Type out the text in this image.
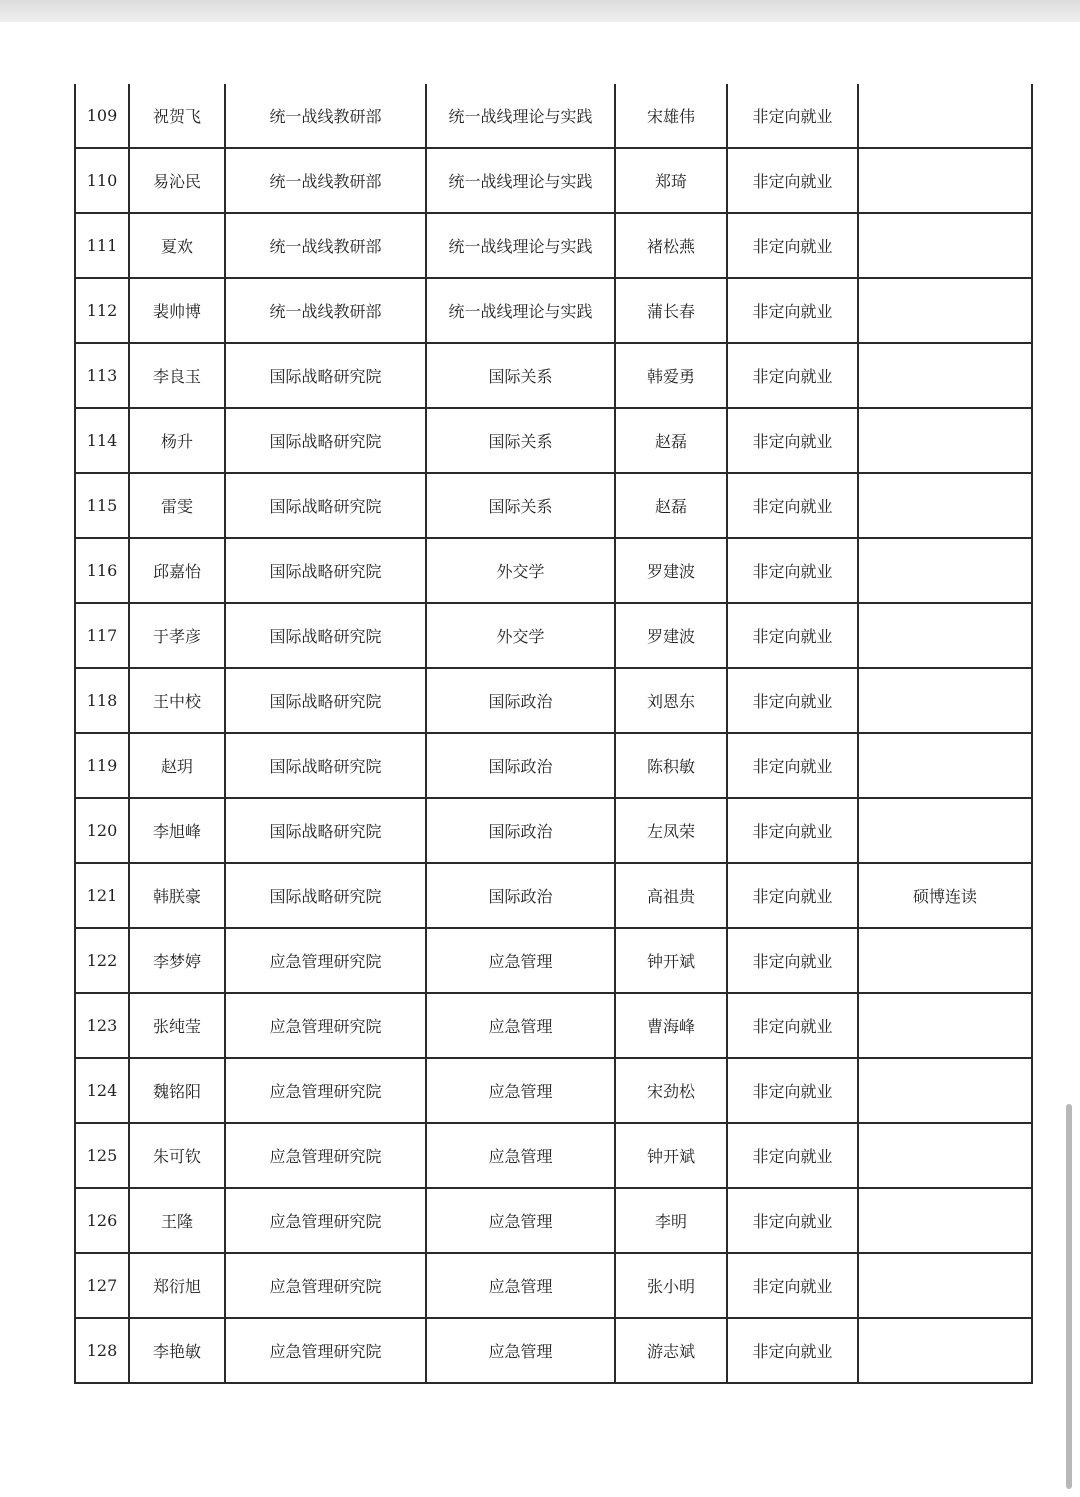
109	祝贺飞	统一战线教研部	统一战线理论与实践	宋雄伟	非定向就业	
110	易沁民	统一战线教研部	统一战线理论与实践	郑琦	非定向就业	
111	夏欢	统一战线教研部	统一战线理论与实践	褚松燕	非定向就业	
112	裴帅博	统一战线教研部	统一战线理论与实践	蒲长春	非定向就业	
113	李良玉	国际战略研究院	国际关系	韩爱勇	非定向就业	
114	杨升	国际战略研究院	国际关系	赵磊	非定向就业	
115	雷雯	国际战略研究院	国际关系	赵磊	非定向就业	
116	邱嘉怡	国际战略研究院	外交学	罗建波	非定向就业	
117	于孝彦	国际战略研究院	外交学	罗建波	非定向就业	
118	王中校	国际战略研究院	国际政治	刘恩东	非定向就业	
119	赵玥	国际战略研究院	国际政治	陈积敏	非定向就业	
120	李旭峰	国际战略研究院	国际政治	左凤荣	非定向就业	
121	韩朕豪	国际战略研究院	国际政治	高祖贵	非定向就业	硕博连读
122	李梦婷	应急管理研究院	应急管理	钟开斌	非定向就业	
123	张纯莹	应急管理研究院	应急管理	曹海峰	非定向就业	
124	魏铭阳	应急管理研究院	应急管理	宋劲松	非定向就业	
125	朱可钦	应急管理研究院	应急管理	钟开斌	非定向就业	
126	王隆	应急管理研究院	应急管理	李明	非定向就业	
127	郑衍旭	应急管理研究院	应急管理	张小明	非定向就业	
128	李艳敏	应急管理研究院	应急管理	游志斌	非定向就业	
